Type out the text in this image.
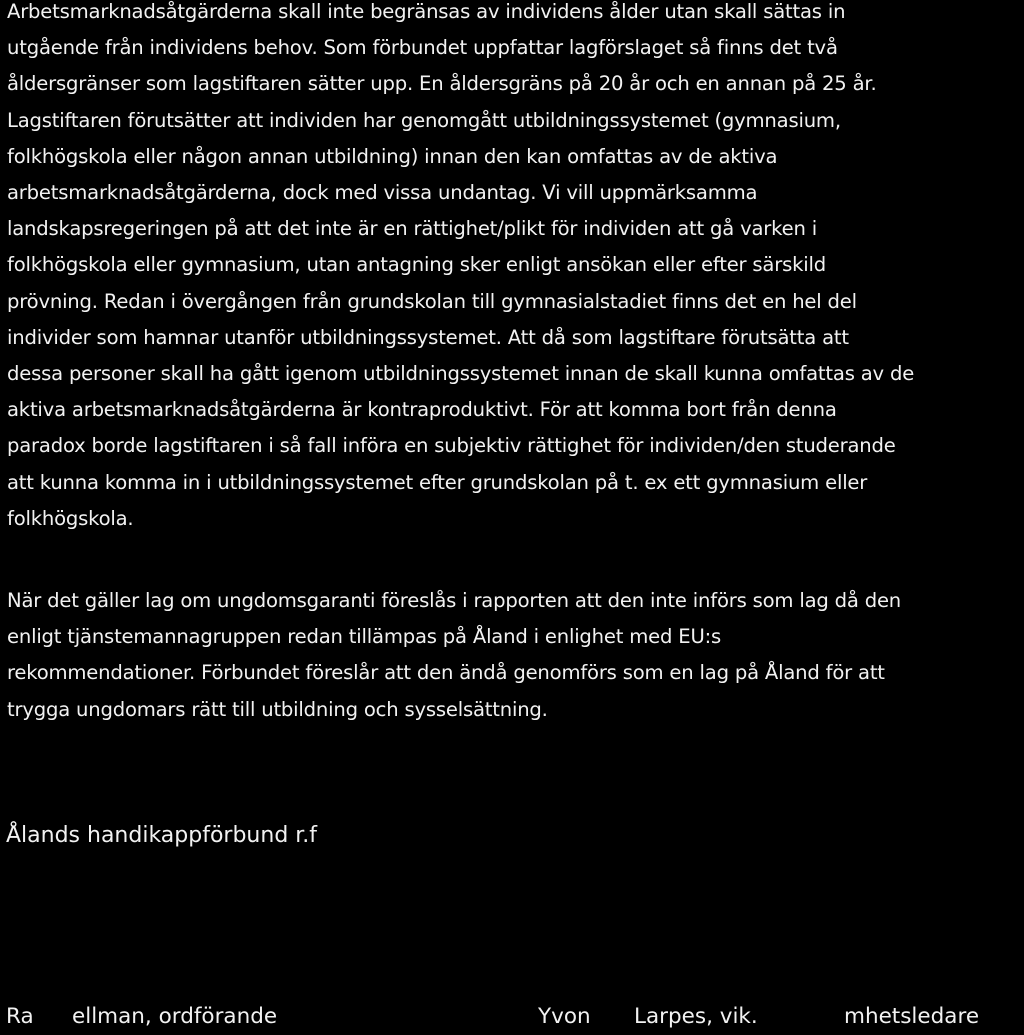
Arbetsmarknadsåtgärderna skall inte begränsas av individens ålder utan skall sättas in
utgående från individens behov. Som förbundet uppfattar lagförslaget så finns det två
åldersgränser som lagstiftaren sätter upp. En åldersgräns på 20 år och en annan på 25 år.
Lagstiftaren förutsätter att individen har genomgått utbildningssystemet (gymnasium,
folkhögskola eller någon annan utbildning) innan den kan omfattas av de aktiva
arbetsmarknadsåtgärderna, dock med vissa undantag. Vi vill uppmärksamma
landskapsregeringen på att det inte är en rättighet/plikt för individen att gå varken i
folkhögskola eller gymnasium, utan antagning sker enligt ansökan eller efter särskild
prövning. Redan i övergången från grundskolan till gymnasialstadiet finns det en hel del
individer som hamnar utanför utbildningssystemet. Att då som lagstiftare förutsätta att
dessa personer skall ha gått igenom utbildningssystemet innan de skall kunna omfattas av de
aktiva arbetsmarknadsåtgärderna är kontraproduktivt. För att komma bort från denna
paradox borde lagstiftaren i så fall införa en subjektiv rättighet för individen/den studerande
att kunna komma in i utbildningssystemet efter grundskolan på t. ex ett gymnasium eller
folkhögskola.

När det gäller lag om ungdomsgaranti föreslås i rapporten att den inte införs som lag då den
enligt tjänstemannagruppen redan tillämpas på Åland i enlighet med EU:s
rekommendationer. Förbundet föreslår att den ändå genomförs som en lag på Åland för att
trygga ungdomars rätt till utbildning och sysselsättning.

Ålands handikappförbund r.f

Ra ellman, ordförande	Yvon Larpes, vik.	mhetsledare
